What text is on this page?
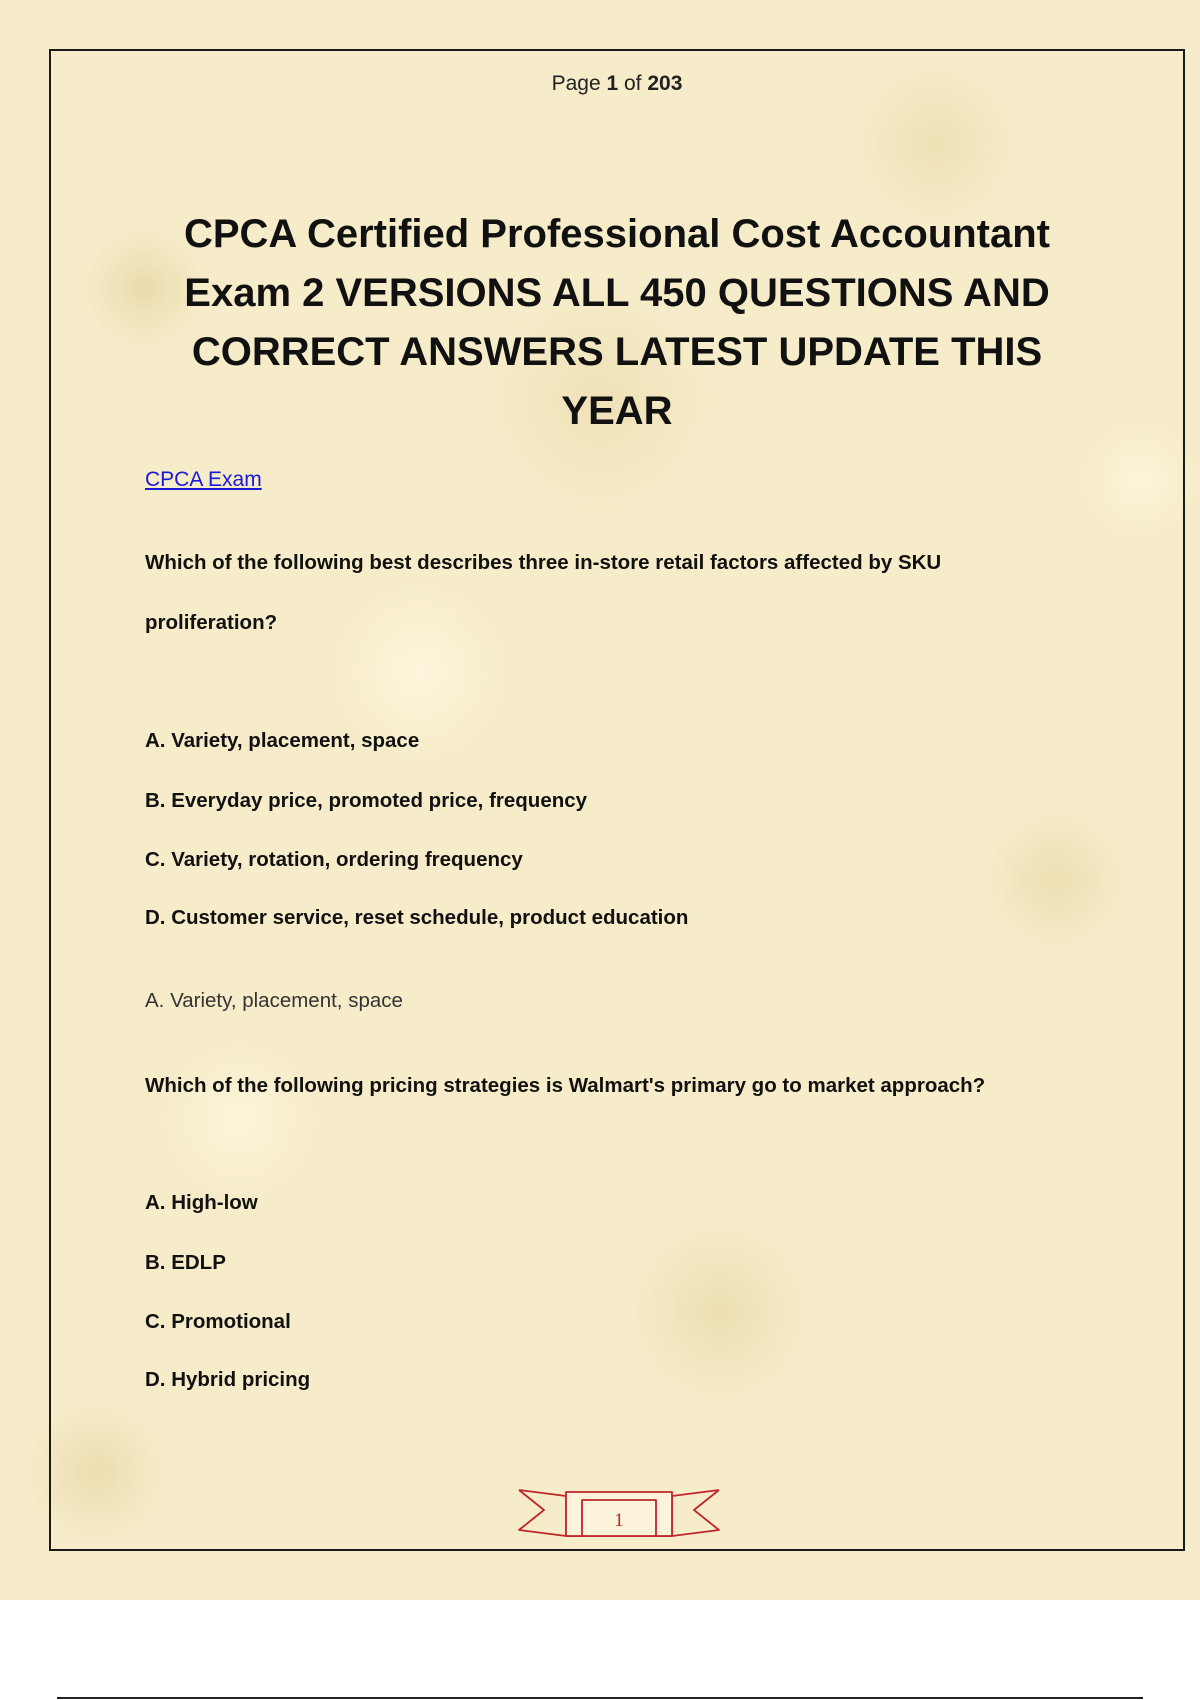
Page 1 of 203
CPCA Certified Professional Cost Accountant
Exam 2 VERSIONS ALL 450 QUESTIONS AND
CORRECT ANSWERS LATEST UPDATE THIS
YEAR
CPCA Exam
Which of the following best describes three in-store retail factors affected by SKU
proliferation?
A. Variety, placement, space
B. Everyday price, promoted price, frequency
C. Variety, rotation, ordering frequency
D. Customer service, reset schedule, product education
A. Variety, placement, space
Which of the following pricing strategies is Walmart's primary go to market approach?
A. High-low
B. EDLP
C. Promotional
D. Hybrid pricing
1
